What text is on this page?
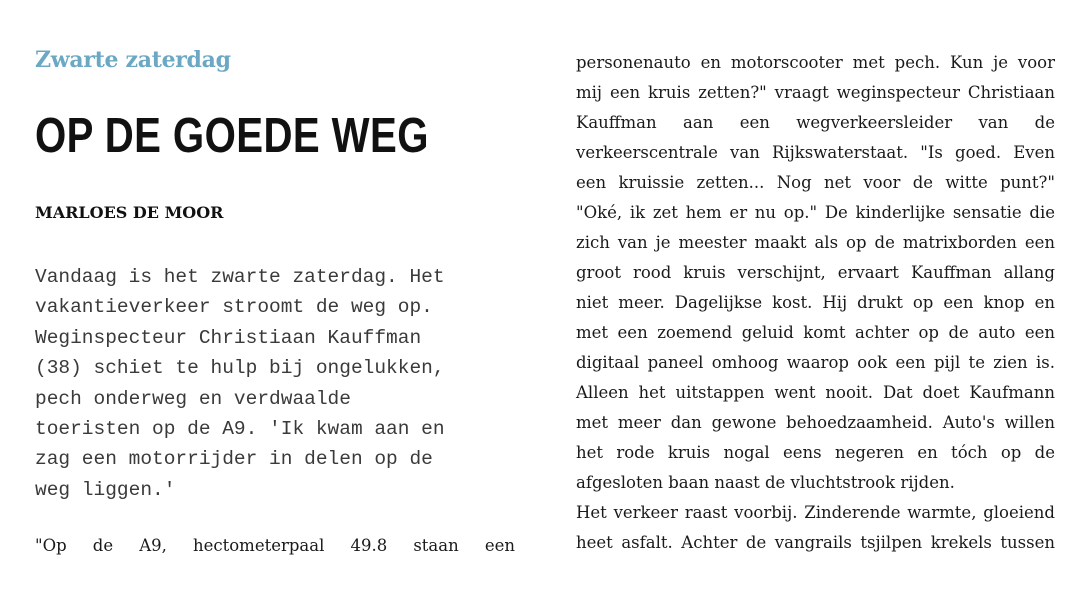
Zwarte zaterdag
OP DE GOEDE WEG
MARLOES DE MOOR

Vandaag is het zwarte zaterdag. Het
vakantieverkeer stroomt de weg op.
Weginspecteur Christiaan Kauffman
(38) schiet te hulp bij ongelukken,
pech onderweg en verdwaalde
toeristen op de A9. 'Ik kwam aan en
zag een motorrijder in delen op de
weg liggen.'

"Op de A9, hectometerpaal 49.8 staan een
personenauto en motorscooter met pech. Kun je voor
mij een kruis zetten?" vraagt weginspecteur Christiaan
Kauffman aan een wegverkeersleider van de
verkeerscentrale van Rijkswaterstaat. "Is goed. Even
een kruissie zetten... Nog net voor de witte punt?"
"Oké, ik zet hem er nu op." De kinderlijke sensatie die
zich van je meester maakt als op de matrixborden een
groot rood kruis verschijnt, ervaart Kauffman allang
niet meer. Dagelijkse kost. Hij drukt op een knop en
met een zoemend geluid komt achter op de auto een
digitaal paneel omhoog waarop ook een pijl te zien is.
Alleen het uitstappen went nooit. Dat doet Kaufmann
met meer dan gewone behoedzaamheid. Auto's willen
het rode kruis nogal eens negeren en tóch op de
afgesloten baan naast de vluchtstrook rijden.
Het verkeer raast voorbij. Zinderende warmte, gloeiend
heet asfalt. Achter de vangrails tsjilpen krekels tussen
